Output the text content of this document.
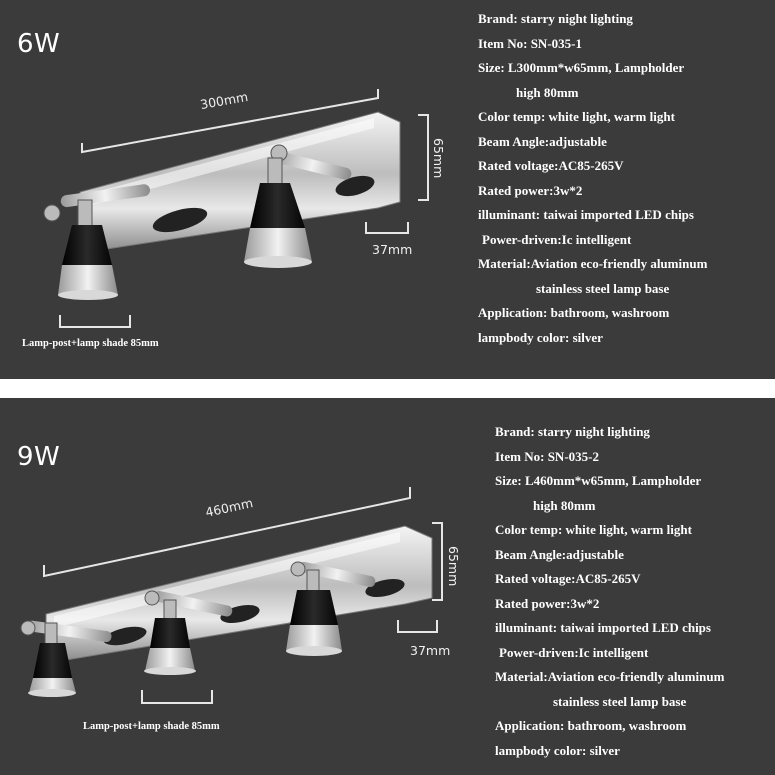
6W
300mm
65mm
37mm
Lamp-post+lamp shade 85mm
Brand: starry night lighting
Item No: SN-035-1
Size: L300mm*w65mm, Lampholder
high 80mm
Color temp: white light, warm light
Beam Angle:adjustable
Rated voltage:AC85-265V
Rated power:3w*2
illuminant: taiwai imported LED chips
Power-driven:Ic intelligent
Material:Aviation eco-friendly aluminum
stainless steel lamp base
Application: bathroom, washroom
lampbody color: silver
9W
460mm
65mm
37mm
Lamp-post+lamp shade 85mm
Brand: starry night lighting
Item No: SN-035-2
Size: L460mm*w65mm, Lampholder
high 80mm
Color temp: white light, warm light
Beam Angle:adjustable
Rated voltage:AC85-265V
Rated power:3w*2
illuminant: taiwai imported LED chips
Power-driven:Ic intelligent
Material:Aviation eco-friendly aluminum
stainless steel lamp base
Application: bathroom, washroom
lampbody color: silver
